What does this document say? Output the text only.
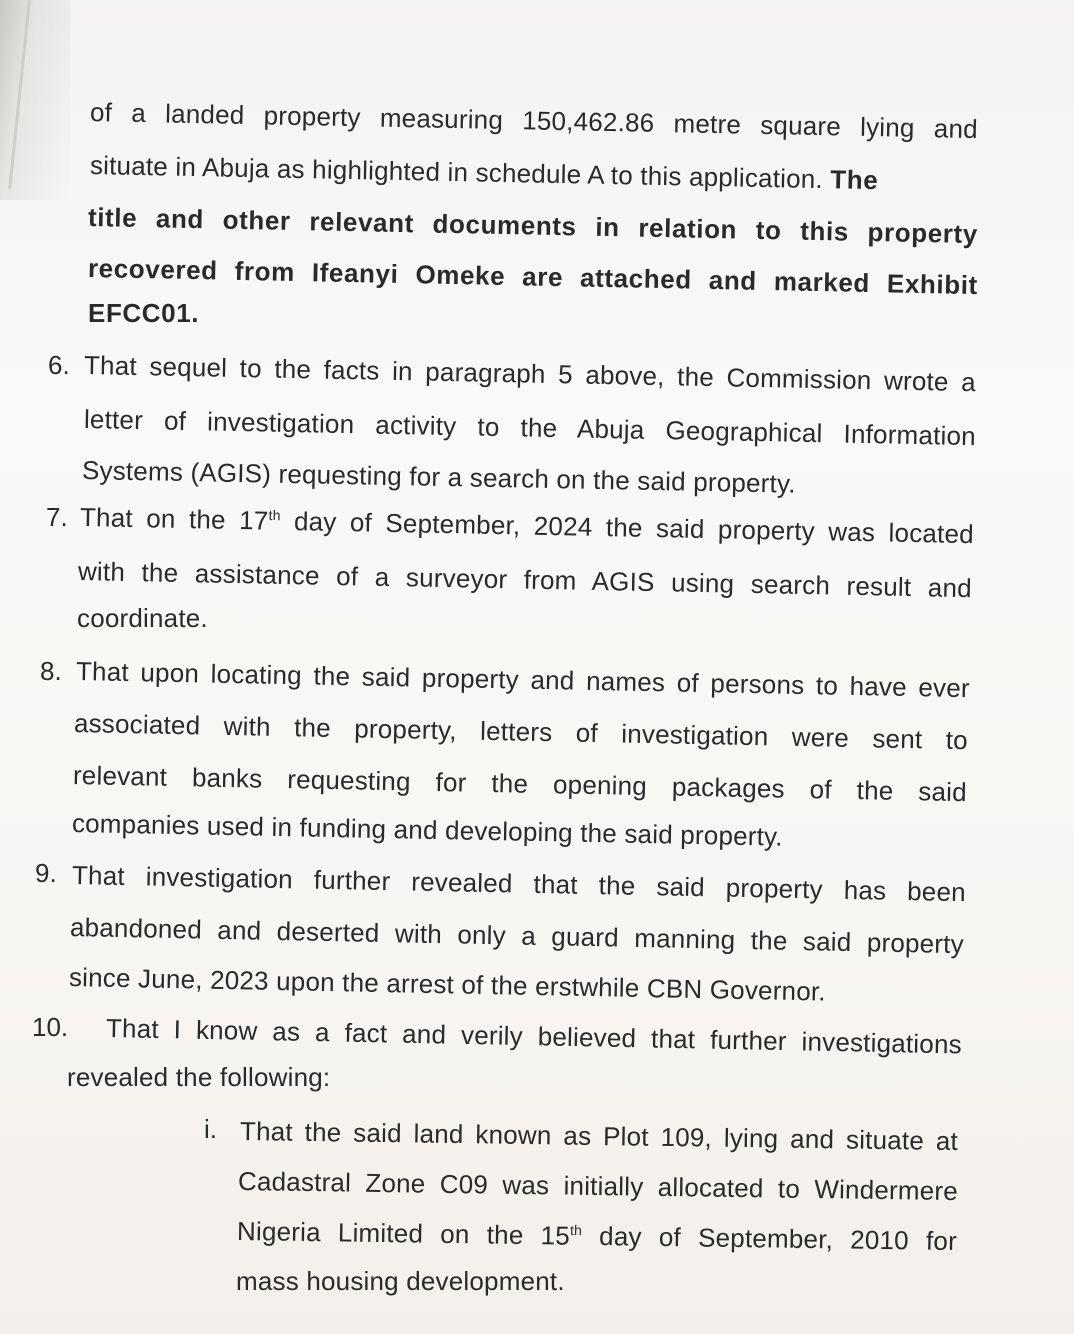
of a landed property measuring 150,462.86 metre square lying and
situate in Abuja as highlighted in schedule A to this application. The
title and other relevant documents in relation to this property
recovered from Ifeanyi Omeke are attached and marked Exhibit
EFCC01.
6. That sequel to the facts in paragraph 5 above, the Commission wrote a
letter of investigation activity to the Abuja Geographical Information
Systems (AGIS) requesting for a search on the said property.
7. That on the 17th day of September, 2024 the said property was located
with the assistance of a surveyor from AGIS using search result and
coordinate.
8. That upon locating the said property and names of persons to have ever
associated with the property, letters of investigation were sent to
relevant banks requesting for the opening packages of the said
companies used in funding and developing the said property.
9. That investigation further revealed that the said property has been
abandoned and deserted with only a guard manning the said property
since June, 2023 upon the arrest of the erstwhile CBN Governor.
10. That I know as a fact and verily believed that further investigations
revealed the following:
i. That the said land known as Plot 109, lying and situate at
Cadastral Zone C09 was initially allocated to Windermere
Nigeria Limited on the 15th day of September, 2010 for
mass housing development.
